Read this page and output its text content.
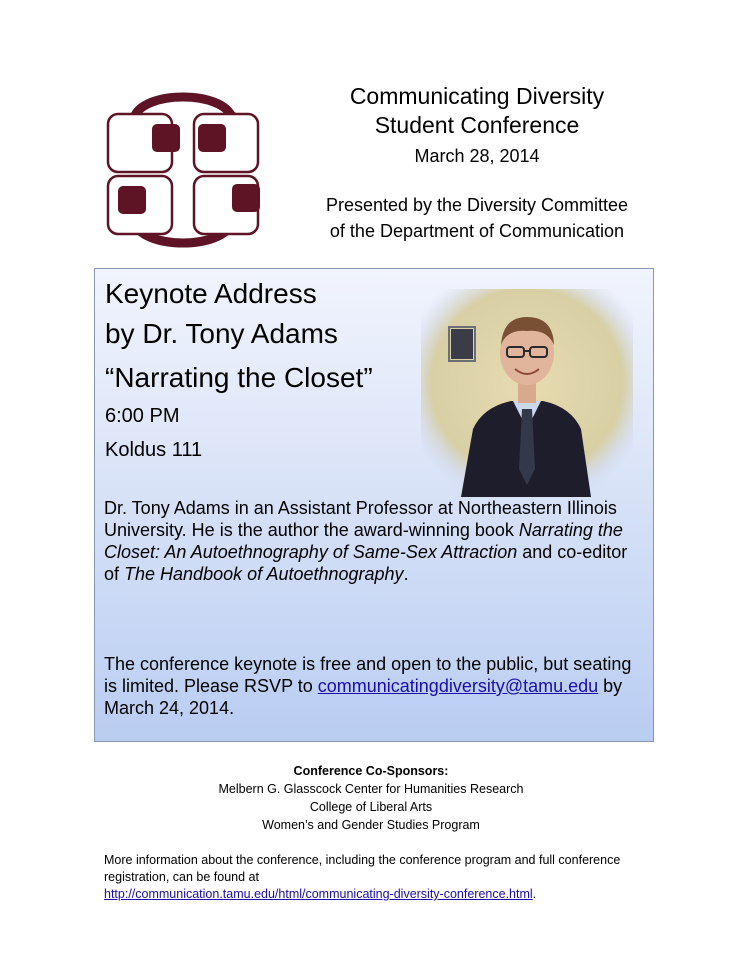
Communicating Diversity
Student Conference
March 28, 2014
Presented by the Diversity Committee
of the Department of Communication
Keynote Address
by Dr. Tony Adams
“Narrating the Closet”
6:00 PM
Koldus 111
Dr. Tony Adams in an Assistant Professor at Northeastern Illinois University. He is the author the award-winning book Narrating the Closet: An Autoethnography of Same-Sex Attraction and co-editor of The Handbook of Autoethnography.
The conference keynote is free and open to the public, but seating is limited. Please RSVP to communicatingdiversity@tamu.edu by March 24, 2014.
Conference Co-Sponsors:
Melbern G. Glasscock Center for Humanities Research
College of Liberal Arts
Women’s and Gender Studies Program
More information about the conference, including the conference program and full conference registration, can be found at
http://communication.tamu.edu/html/communicating-diversity-conference.html.
